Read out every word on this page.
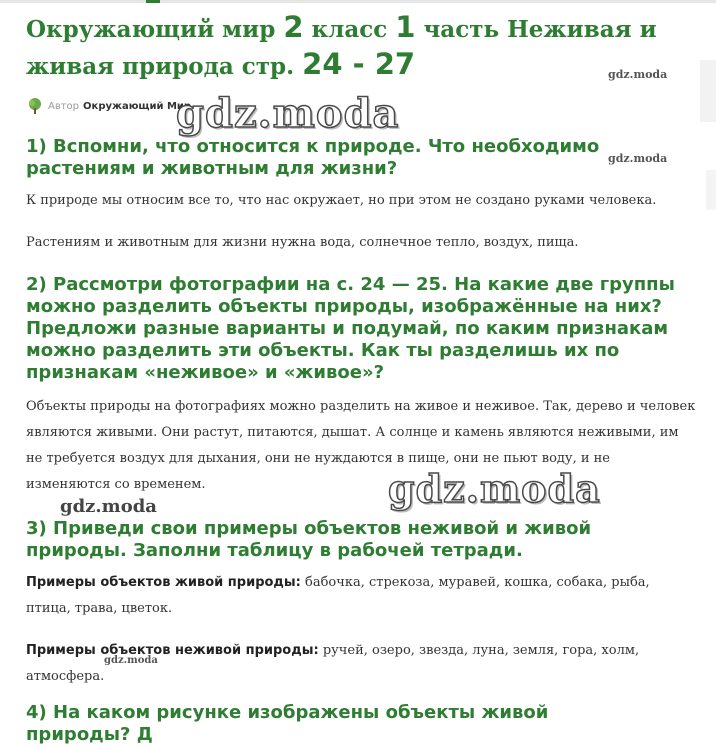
Окружающий мир 2 класс 1 часть Неживая и живая природа стр. 24 - 27
Автор Окружающий Мир
gdz.moda
gdz.moda
gdz.moda
gdz.moda
gdz.moda
gdz.moda
1) Вспомни, что относится к природе. Что необходимо растениям и животным для жизни?

К природе мы относим все то, что нас окружает, но при этом не создано руками человека.

Растениям и животным для жизни нужна вода, солнечное тепло, воздух, пища.

2) Рассмотри фотографии на с. 24 — 25. На какие две группы можно разделить объекты природы, изображённые на них? Предложи разные варианты и подумай, по каким признакам можно разделить эти объекты. Как ты разделишь их по признакам «неживое» и «живое»?

Объекты природы на фотографиях можно разделить на живое и неживое. Так, дерево и человек являются живыми. Они растут, питаются, дышат. А солнце и камень являются неживыми, им не требуется воздух для дыхания, они не нуждаются в пище, они не пьют воду, и не изменяются со временем.

3) Приведи свои примеры объектов неживой и живой природы. Заполни таблицу в рабочей тетради.

Примеры объектов живой природы: бабочка, стрекоза, муравей, кошка, собака, рыба, птица, трава, цветок.

Примеры объектов неживой природы: ручей, озеро, звезда, луна, земля, гора, холм, атмосфера.

4) На каком рисунке изображены объекты живой природы? Д
